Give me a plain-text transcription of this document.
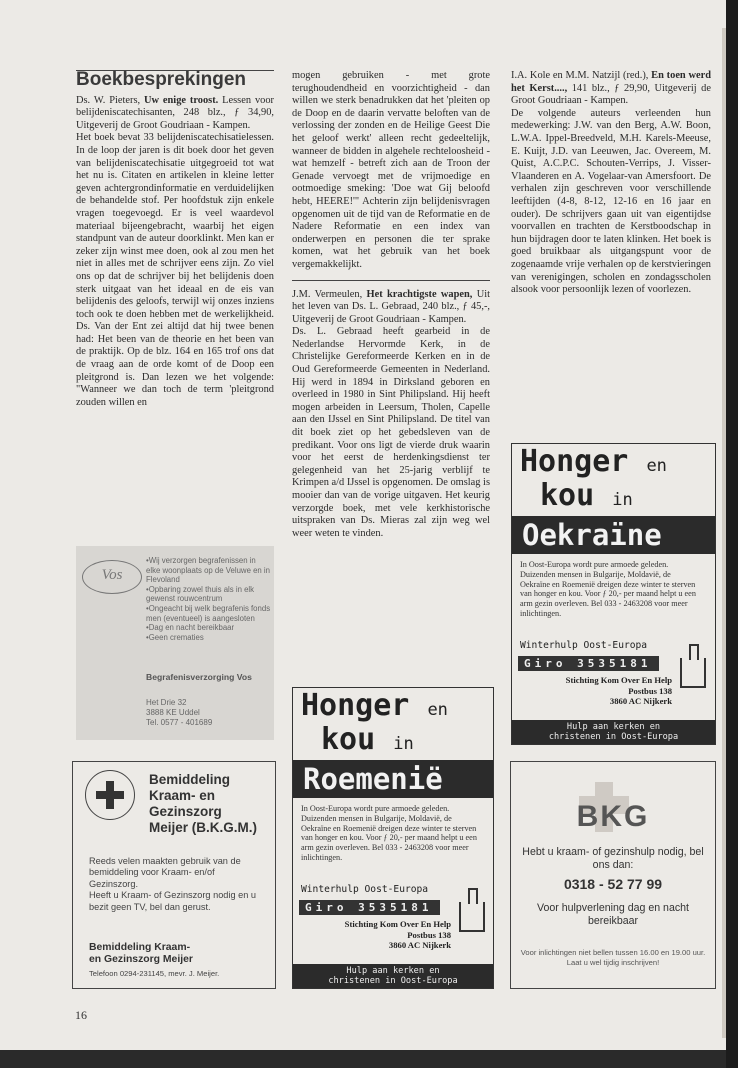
Boekbesprekingen

Ds. W. Pieters, Uw enige troost. Lessen voor belijdeniscatechisanten, 248 blz., ƒ 34,90, Uitgeverij de Groot Goudriaan - Kampen.

Het boek bevat 33 belijdeniscatechisatielessen. In de loop der jaren is dit boek door het geven van belijdeniscatechisatie uitgegroeid tot wat het nu is. Citaten en artikelen in kleine letter geven achtergrondinformatie en verduidelijken de behandelde stof. Per hoofdstuk zijn enkele vragen toegevoegd. Er is veel waardevol materiaal bijeengebracht, waarbij het eigen standpunt van de auteur doorklinkt. Men kan er zeker zijn winst mee doen, ook al zou men het niet in alles met de schrijver eens zijn. Zo viel ons op dat de schrijver bij het belijdenis doen sterk uitgaat van het ideaal en de eis van belijdenis des geloofs, terwijl wij onzes inziens toch ook te doen hebben met de werkelijkheid. Ds. Van der Ent zei altijd dat hij twee benen had: Het been van de theorie en het been van de praktijk. Op de blz. 164 en 165 trof ons dat de vraag aan de orde komt of de Doop een pleitgrond is. Dan lezen we het volgende: "Wanneer we dan toch de term 'pleitgrond zouden willen en

mogen gebruiken - met grote terughoudendheid en voorzichtigheid - dan willen we sterk benadrukken dat het 'pleiten op de Doop en de daarin vervatte beloften van de verlossing der zonden en de Heilige Geest Die het geloof werkt' alleen recht gedeeltelijk, wanneer de bidden in algehele rechteloosheid - wat hemzelf - betreft zich aan de Troon der Genade vervoegt met de vrijmoedige en ootmoedige smeking: 'Doe wat Gij beloofd hebt, HEERE!'" Achterin zijn belijdenisvragen opgenomen uit de tijd van de Reformatie en de Nadere Reformatie en een index van onderwerpen en personen die ter sprake komen, wat het gebruik van het boek vergemakkelijkt.

J.M. Vermeulen, Het krachtigste wapen, Uit het leven van Ds. L. Gebraad, 240 blz., ƒ 45,-, Uitgeverij de Groot Goudriaan - Kampen.

Ds. L. Gebraad heeft gearbeid in de Nederlandse Hervormde Kerk, in de Christelijke Gereformeerde Kerken en in de Oud Gereformeerde Gemeenten in Nederland. Hij werd in 1894 in Dirksland geboren en overleed in 1980 in Sint Philipsland. Hij heeft mogen arbeiden in Leersum, Tholen, Capelle aan den IJssel en Sint Philipsland. De titel van dit boek ziet op het gebedsleven van de predikant. Voor ons ligt de vierde druk waarin voor het eerst de herdenkingsdienst ter gelegenheid van het 25-jarig verblijf te Krimpen a/d IJssel is opgenomen. De omslag is mooier dan van de vorige uitgaven. Het keurig verzorgde boek, met vele kerkhistorische uitspraken van Ds. Mieras zal zijn weg wel weer weten te vinden.

I.A. Kole en M.M. Natzijl (red.), En toen werd het Kerst...., 141 blz., ƒ 29,90, Uitgeverij de Groot Goudriaan - Kampen.

De volgende auteurs verleenden hun medewerking: J.W. van den Berg, A.W. Boon, L.W.A. Ippel-Breedveld, M.H. Karels-Meeuse, E. Kuijt, J.D. van Leeuwen, Jac. Overeem, M. Quist, A.C.P.C. Schouten-Verrips, J. Visser-Vlaanderen en A. Vogelaar-van Amersfoort. De verhalen zijn geschreven voor verschillende leeftijden (4-8, 8-12, 12-16 en 16 jaar en ouder). De schrijvers gaan uit van eigentijdse voorvallen en trachten de Kerstboodschap in hun bijdragen door te laten klinken. Het boek is goed bruikbaar als uitgangspunt voor de zogenaamde vrije verhalen op de kerstvieringen van verenigingen, scholen en zondagsscholen alsook voor persoonlijk lezen of voorlezen.

Vos
•Wij verzorgen begrafenissen in elke woonplaats op de Veluwe en in Flevoland
•Opbaring zowel thuis als in elk gewenst rouwcentrum
•Ongeacht bij welk begrafenis fonds men (eventueel) is aangesloten
•Dag en nacht bereikbaar
•Geen crematies
Begrafenisverzorging Vos
Het Drie 32
3888 KE Uddel
Tel. 0577 - 401689
Bemiddeling
Kraam- en
Gezinszorg
Meijer (B.K.G.M.)
Reeds velen maakten gebruik van de bemiddeling voor Kraam- en/of Gezinszorg.
Heeft u Kraam- of Gezinszorg nodig en u bezit geen TV, bel dan gerust.
Bemiddeling Kraam-
en Gezinszorg Meijer
Telefoon 0294-231145, mevr. J. Meijer.
Honger en
kou in
Roemenië
In Oost-Europa wordt pure armoede geleden. Duizenden mensen in Bulgarije, Moldavië, de Oekraïne en Roemenië dreigen deze winter te sterven van honger en kou. Voor ƒ 20,- per maand helpt u een arm gezin overleven. Bel 033 - 2463208 voor meer inlichtingen.
Winterhulp Oost-Europa
Giro 3535181
Stichting Kom Over En Help
Postbus 138
3860 AC Nijkerk
Hulp aan kerken en
christenen in Oost-Europa
Honger en
kou in
Oekraïne
In Oost-Europa wordt pure armoede geleden. Duizenden mensen in Bulgarije, Moldavië, de Oekraïne en Roemenië dreigen deze winter te sterven van honger en kou. Voor ƒ 20,- per maand helpt u een arm gezin overleven. Bel 033 - 2463208 voor meer inlichtingen.
Winterhulp Oost-Europa
Giro 3535181
Stichting Kom Over En Help
Postbus 138
3860 AC Nijkerk
Hulp aan kerken en
christenen in Oost-Europa
BKG
Hebt u kraam- of gezinshulp nodig, bel ons dan:
0318 - 52 77 99
Voor hulpverlening dag en nacht bereikbaar
Voor inlichtingen niet bellen tussen 16.00 en 19.00 uur. Laat u wel tijdig inschrijven!
16
